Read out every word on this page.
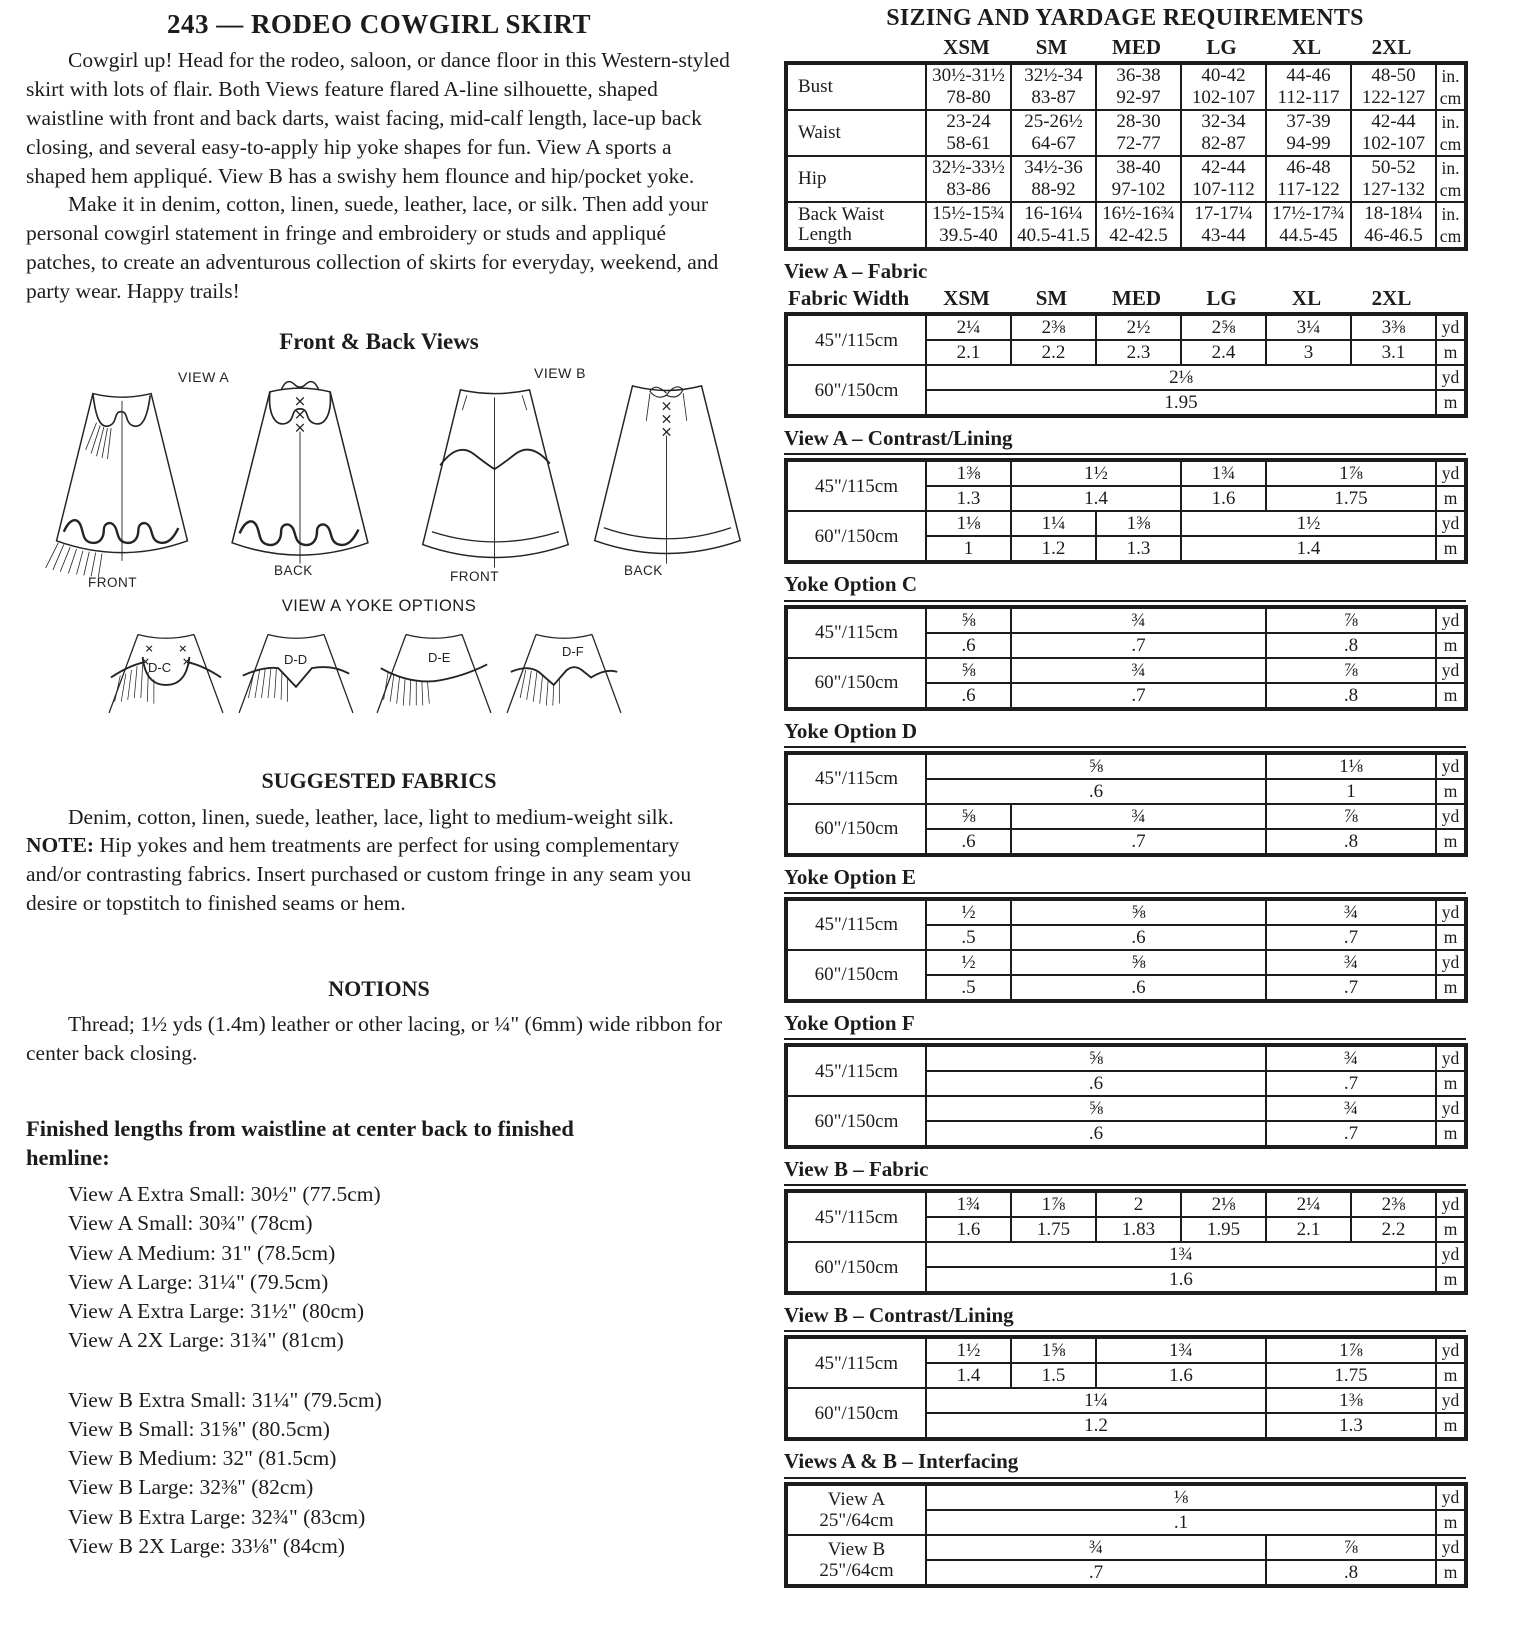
243 — RODEO COWGIRL SKIRT

Cowgirl up! Head for the rodeo, saloon, or dance floor in this Western-styled skirt with lots of flair. Both Views feature flared A-line silhouette, shaped waistline with front and back darts, waist facing, mid-calf length, lace-up back closing, and several easy-to-apply hip yoke shapes for fun. View A sports a shaped hem appliqué. View B has a swishy hem flounce and hip/pocket yoke.

Make it in denim, cotton, linen, suede, leather, lace, or silk. Then add your personal cowgirl statement in fringe and embroidery or studs and appliqué patches, to create an adventurous collection of skirts for everyday, weekend, and party wear. Happy trails!

Front & Back Views
VIEW A	VIEW B
FRONT
BACK	FRONT	BACK
VIEW A YOKE OPTIONS
D-C
D-D	D-E	D-F
SUGGESTED FABRICS

Denim, cotton, linen, suede, leather, lace, light to medium-weight silk. NOTE: Hip yokes and hem treatments are perfect for using complementary and/or contrasting fabrics. Insert purchased or custom fringe in any seam you desire or topstitch to finished seams or hem.

NOTIONS

Thread; 1½ yds (1.4m) leather or other lacing, or ¼" (6mm) wide ribbon for center back closing.

Finished lengths from waistline at center back to finished hemline:
View A Extra Small: 30½" (77.5cm)
View A Small: 30¾" (78cm)
View A Medium: 31" (78.5cm)
View A Large: 31¼" (79.5cm)
View A Extra Large: 31½" (80cm)
View A 2X Large: 31¾" (81cm)
View B Extra Small: 31¼" (79.5cm)
View B Small: 31⅝" (80.5cm)
View B Medium: 32" (81.5cm)
View B Large: 32⅜" (82cm)
View B Extra Large: 32¾" (83cm)
View B 2X Large: 33⅛" (84cm)
SIZING AND YARDAGE REQUIREMENTS
XSM	SM	MED	LG	XL	2XL
Bust	30½-31½	32½-34	36-38	40-42	44-46	48-50	in.
	78-80	83-87	92-97	102-107	112-117	122-127	cm
Waist	23-24	25-26½	28-30	32-34	37-39	42-44	in.
	58-61	64-67	72-77	82-87	94-99	102-107	cm
Hip	32½-33½	34½-36	38-40	42-44	46-48	50-52	in.
	83-86	88-92	97-102	107-112	117-122	127-132	cm
Back Waist
Length	15½-15¾	16-16¼	16½-16¾	17-17¼	17½-17¾	18-18¼	in.
	39.5-40	40.5-41.5	42-42.5	43-44	44.5-45	46-46.5	cm
View A – Fabric
Fabric Width	XSM	SM	MED	LG	XL	2XL
45"/115cm	2¼	2⅜	2½	2⅝	3¼	3⅜	yd
	2.1	2.2	2.3	2.4	3	3.1	m
60"/150cm	2⅛						yd
	1.95						m
View A – Contrast/Lining
45"/115cm	1⅜	1½		1¾	1⅞	yd
	1.3	1.4		1.6	1.75	m
60"/150cm	1⅛	1¼	1⅜	1½		yd
	1	1.2	1.3	1.4		m
Yoke Option C
45"/115cm	⅝	¾	⅞	yd
	.6	.7	.8	m
60"/150cm	⅝	¾	⅞	yd
	.6	.7	.8	m
Yoke Option D
45"/115cm	⅝		1⅛	yd
	.6		1	m
60"/150cm	⅝	¾	⅞	yd
	.6	.7	.8	m
Yoke Option E
45"/115cm	½	⅝	¾	yd
	.5	.6	.7	m
60"/150cm	½	⅝	¾	yd
	.5	.6	.7	m
Yoke Option F
45"/115cm	⅝	¾	yd
	.6	.7	m
60"/150cm	⅝	¾	yd
	.6	.7	m
View B – Fabric
45"/115cm	1¾	1⅞	2	2⅛	2¼	2⅜	yd
	1.6	1.75	1.83	1.95	2.1	2.2	m
60"/150cm	1¾						yd
	1.6						m
View B – Contrast/Lining
45"/115cm	1½	1⅝	1¾	1⅞	yd
	1.4	1.5	1.6	1.75	m
60"/150cm	1¼			1⅜	yd
	1.2			1.3	m
Views A & B – Interfacing
View A
25"/64cm	⅛		yd
	.1		m
View B
25"/64cm	¾	⅞	yd
	.7	.8	m
